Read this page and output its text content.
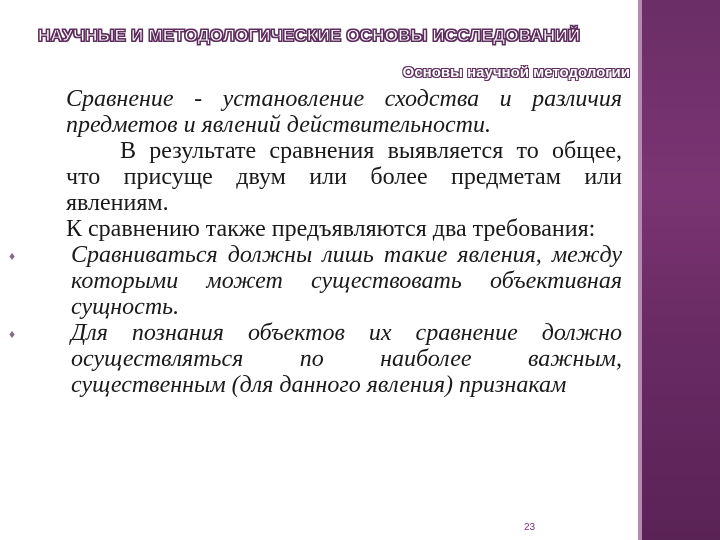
НАУЧНЫЕ И МЕТОДОЛОГИЧЕСКИЕ ОСНОВЫ ИССЛЕДОВАНИЙ
Основы научной методологии

Сравнение - установление сходства и различия предметов и явлений действительности.

В результате сравнения выявляется то общее, что присуще двум или более предметам или явлениям.

К сравнению также предъявляются два требования:

♦ Сравниваться должны лишь такие явления, между которыми может существовать объективная сущность.
♦ Для познания объектов их сравнение должно осуществляться по наиболее важным, существенным (для данного явления) признакам
23
